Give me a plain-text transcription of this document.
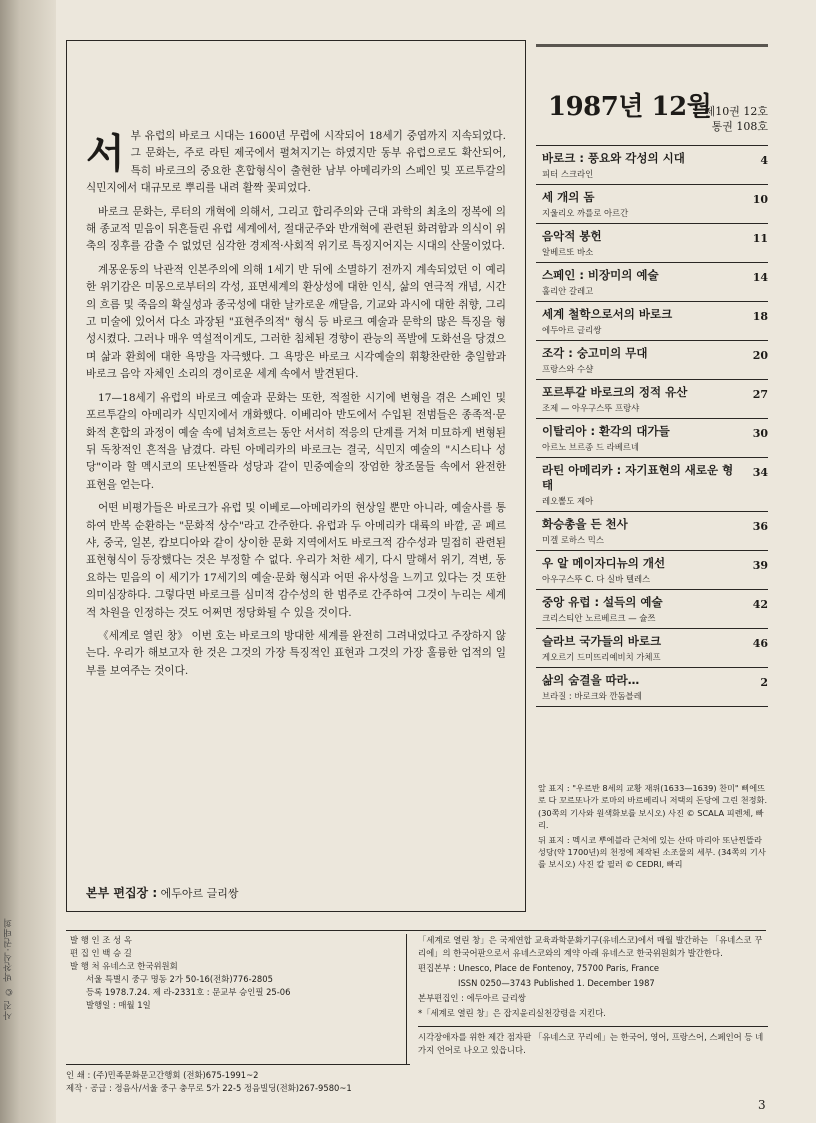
사진 © 박찬식·권태희

서부 유럽의 바로크 시대는 1600년 무렵에 시작되어 18세기 중엽까지 지속되었다. 그 문화는, 주로 라틴 제국에서 펼쳐지기는 하였지만 동부 유럽으로도 확산되어, 특히 바로크의 중요한 혼합형식이 출현한 남부 아메리카의 스페인 및 포르투갈의 식민지에서 대규모로 뿌리를 내려 활짝 꽃피었다.

바로크 문화는, 루터의 개혁에 의해서, 그리고 합리주의와 근대 과학의 최초의 정복에 의해 종교적 믿음이 뒤흔들린 유럽 세계에서, 절대군주와 반개혁에 관련된 화려함과 의식이 위축의 징후를 감출 수 없었던 심각한 경제적·사회적 위기로 특징지어지는 시대의 산물이었다.

계몽운동의 낙관적 인본주의에 의해 1세기 반 뒤에 소멸하기 전까지 계속되었던 이 예리한 위기감은 미몽으로부터의 각성, 표면세계의 환상성에 대한 인식, 삶의 연극적 개념, 시간의 흐름 및 죽음의 확실성과 종국성에 대한 날카로운 깨달음, 기교와 과시에 대한 취향, 그리고 미술에 있어서 다소 과장된 "표현주의적" 형식 등 바로크 예술과 문학의 많은 특징을 형성시켰다. 그러나 매우 역설적이게도, 그러한 침체된 경향이 관능의 폭발에 도화선을 당겼으며 삶과 환희에 대한 욕망을 자극했다. 그 욕망은 바로크 시각예술의 휘황찬란한 충일함과 바로크 음악 자체인 소리의 경이로운 세계 속에서 발견된다.

17—18세기 유럽의 바로크 예술과 문화는 또한, 적절한 시기에 변형을 겪은 스페인 및 포르투갈의 아메리카 식민지에서 개화했다. 이베리아 반도에서 수입된 전범들은 종족적·문화적 혼합의 과정이 예술 속에 넘쳐흐르는 동안 서서히 적응의 단계를 거쳐 미묘하게 변형된 뒤 독창적인 흔적을 남겼다. 라틴 아메리카의 바로크는 결국, 식민지 예술의 "시스티나 성당"이라 할 멕시코의 또난찐뜰라 성당과 같이 민중예술의 장엄한 창조물들 속에서 완전한 표현을 얻는다.

어떤 비평가들은 바로크가 유럽 및 이베로—아메리카의 현상일 뿐만 아니라, 예술사를 통하여 반복 순환하는 "문화적 상수"라고 간주한다. 유럽과 두 아메리카 대륙의 바깥, 곧 페르샤, 중국, 일본, 캄보디아와 같이 상이한 문화 지역에서도 바로크적 감수성과 밀접히 관련된 표현형식이 등장했다는 것은 부정할 수 없다. 우리가 처한 세기, 다시 말해서 위기, 격변, 동요하는 믿음의 이 세기가 17세기의 예술·문화 형식과 어떤 유사성을 느끼고 있다는 것 또한 의미심장하다. 그렇다면 바로크를 심미적 감수성의 한 범주로 간주하여 그것이 누리는 세계적 차원을 인정하는 것도 어쩌면 정당화될 수 있을 것이다.

《세계로 열린 창》 이번 호는 바로크의 방대한 세계를 완전히 그려내었다고 주장하지 않는다. 우리가 해보고자 한 것은 그것의 가장 특징적인 표현과 그것의 가장 훌륭한 업적의 일부를 보여주는 것이다.

본부 편집장 : 에두아르 글리쌍
1987년 12월
제10권 12호
통권 108호
바로크 : 풍요와 각성의 시대
피터 스크라인
4
세 개의 돔
지울리오 까를로 아르간
10
음악적 봉헌
알베르또 바소
11
스페인 : 비장미의 예술
훌리안 갈레고
14
세계 철학으로서의 바로크
에두아르 글리쌍
18
조각 : 숭고미의 무대
프랑스와 수샬
20
포르투갈 바로크의 정적 유산
조제 — 아우구스뚜 프랑샤
27
이탈리아 : 환각의 대가들
아르노 브르종 드 라베르네
30
라틴 아메리카 : 자기표현의 새로운 형태
레오뽈도 제아
34
화승총을 든 천사
미겔 로하스 믹스
36
우 알 메이자디뉴의 개선
아우구스뚜 C. 다 실바 텔레스
39
중앙 유럽 : 설득의 예술
크리스티안 노르베르크 — 슐쯔
42
슬라브 국가들의 바로크
게오르기 드미뜨리예비치 가체프
46
삶의 숨결을 따라…
브라질 : 바로크와 깐돔블레
2

앞 표지 : "우르반 8세의 교황 재위(1633—1639) 찬미" 삐에뜨로 다 꼬르또나가 로마의 바르베리니 저택의 돈당에 그린 천정화. (30쪽의 기사와 원색화보를 보시오) 사진 © SCALA 피렌체, 빠리.

뒤 표지 : 멕시코 뿌에블라 근처에 있는 산따 마리아 또난찐뜰라 성당(약 1700년)의 천정에 제작된 소조물의 세부. (34쪽의 기사를 보시오) 사진 칼 필러 © CEDRI, 빠리

발 행 인 조 성 옥
편 집 인 백 승 길
발 행 처 유네스코 한국위원회
서울 특별시 중구 명동 2가 50-16(전화)776-2805
등록 1978.7.24. 제 라-2331호 : 문교부 승인필 25-06
발행일 : 매월 1일
인 쇄 : (주)민족문화문고간행회 (전화)675-1991~2
제작 · 공급 : 정음사/서울 중구 충무로 5가 22-5 정음빌딩(전화)267-9580~1

「세계로 열린 창」은 국제연합 교육과학문화기구(유네스코)에서 매월 발간하는 「유네스코 꾸리에」의 한국어판으로서 유네스코와의 계약 아래 유네스코 한국위원회가 발간한다.

편집본부 : Unesco, Place de Fontenoy, 75700 Paris, France

ISSN 0250—3743 Published 1. December 1987

본부편집인 : 에두아르 글리쌍

*「세계로 열린 창」은 잡지윤리실천강령을 지킨다.

시각장애자를 위한 제간 점자판 「유네스코 꾸리에」는 한국어, 영어, 프랑스어, 스페인어 등 네 가지 언어로 나오고 있읍니다.

3
